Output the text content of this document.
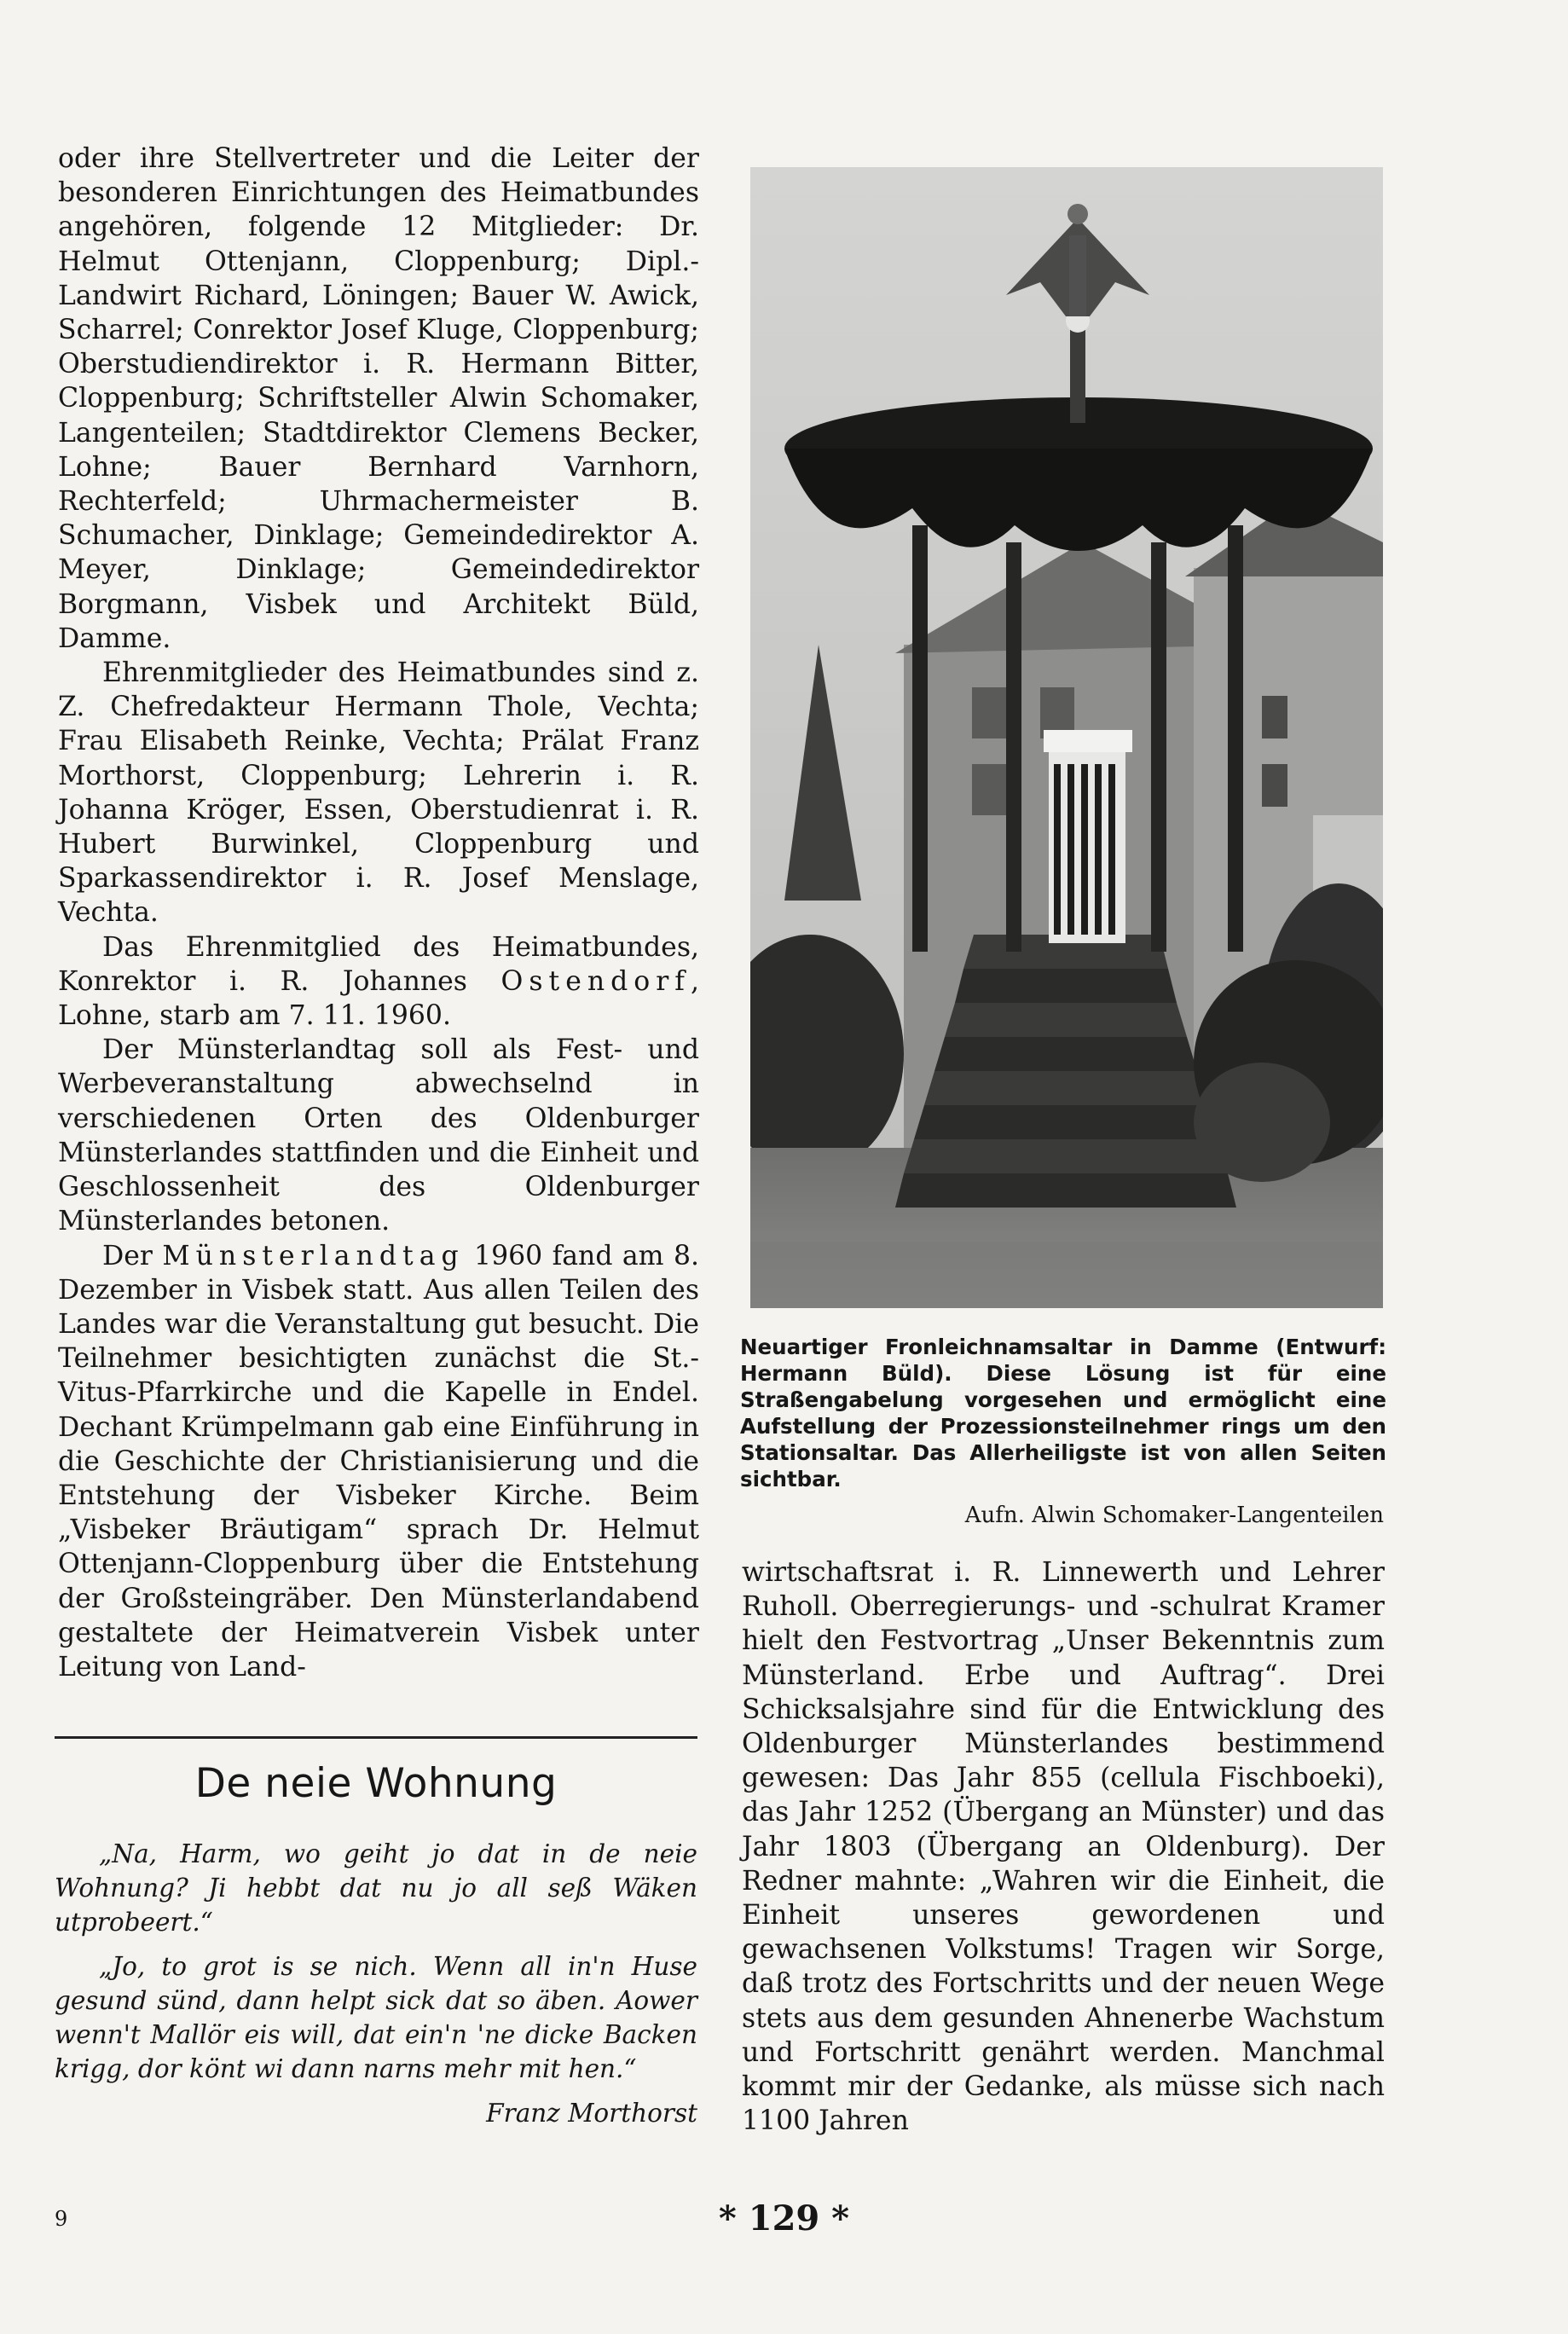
oder ihre Stellvertreter und die Leiter der besonderen Einrichtungen des Heimatbundes angehören, folgende 12 Mitglieder: Dr. Helmut Ottenjann, Cloppenburg; Dipl.-Landwirt Richard, Löningen; Bauer W. Awick, Scharrel; Conrektor Josef Kluge, Cloppenburg; Oberstudiendirektor i. R. Hermann Bitter, Cloppenburg; Schriftsteller Alwin Schomaker, Langenteilen; Stadtdirektor Clemens Becker, Lohne; Bauer Bernhard Varnhorn, Rechterfeld; Uhrmachermeister B. Schumacher, Dinklage; Gemeindedirektor A. Meyer, Dinklage; Gemeindedirektor Borgmann, Visbek und Architekt Büld, Damme.

Ehrenmitglieder des Heimatbundes sind z. Z. Chefredakteur Hermann Thole, Vechta; Frau Elisabeth Reinke, Vechta; Prälat Franz Morthorst, Cloppenburg; Lehrerin i. R. Johanna Kröger, Essen, Oberstudienrat i. R. Hubert Burwinkel, Cloppenburg und Sparkassendirektor i. R. Josef Menslage, Vechta.

Das Ehrenmitglied des Heimatbundes, Konrektor i. R. Johannes Ostendorf, Lohne, starb am 7. 11. 1960.

Der Münsterlandtag soll als Fest- und Werbeveranstaltung abwechselnd in verschiedenen Orten des Oldenburger Münsterlandes stattfinden und die Einheit und Geschlossenheit des Oldenburger Münsterlandes betonen.

Der Münsterlandtag 1960 fand am 8. Dezember in Visbek statt. Aus allen Teilen des Landes war die Veranstaltung gut besucht. Die Teilnehmer besichtigten zunächst die St.-Vitus-Pfarrkirche und die Kapelle in Endel. Dechant Krümpelmann gab eine Einführung in die Geschichte der Christianisierung und die Entstehung der Visbeker Kirche. Beim „Visbeker Bräutigam“ sprach Dr. Helmut Ottenjann-Cloppenburg über die Entstehung der Großsteingräber. Den Münsterlandabend gestaltete der Heimatverein Visbek unter Leitung von Land-

De neie Wohnung

„Na, Harm, wo geiht jo dat in de neie Wohnung? Ji hebbt dat nu jo all seß Wäken utprobeert.“

„Jo, to grot is se nich. Wenn all in'n Huse gesund sünd, dann helpt sick dat so äben. Aower wenn't Mallör eis will, dat ein'n 'ne dicke Backen krigg, dor könt wi dann narns mehr mit hen.“

Franz Morthorst

Neuartiger Fronleichnamsaltar in Damme (Entwurf: Hermann Büld). Diese Lösung ist für eine Straßengabelung vorgesehen und ermöglicht eine Aufstellung der Prozessionsteilnehmer rings um den Stationsaltar. Das Allerheiligste ist von allen Seiten sichtbar.

Aufn. Alwin Schomaker-Langenteilen

wirtschaftsrat i. R. Linnewerth und Lehrer Ruholl. Oberregierungs- und -schulrat Kramer hielt den Festvortrag „Unser Bekenntnis zum Münsterland. Erbe und Auftrag“. Drei Schicksalsjahre sind für die Entwicklung des Oldenburger Münsterlandes bestimmend gewesen: Das Jahr 855 (cellula Fischboeki), das Jahr 1252 (Übergang an Münster) und das Jahr 1803 (Übergang an Oldenburg). Der Redner mahnte: „Wahren wir die Einheit, die Einheit unseres gewordenen und gewachsenen Volkstums! Tragen wir Sorge, daß trotz des Fortschritts und der neuen Wege stets aus dem gesunden Ahnenerbe Wachstum und Fortschritt genährt werden. Manchmal kommt mir der Gedanke, als müsse sich nach 1100 Jahren

9	* 129 *
